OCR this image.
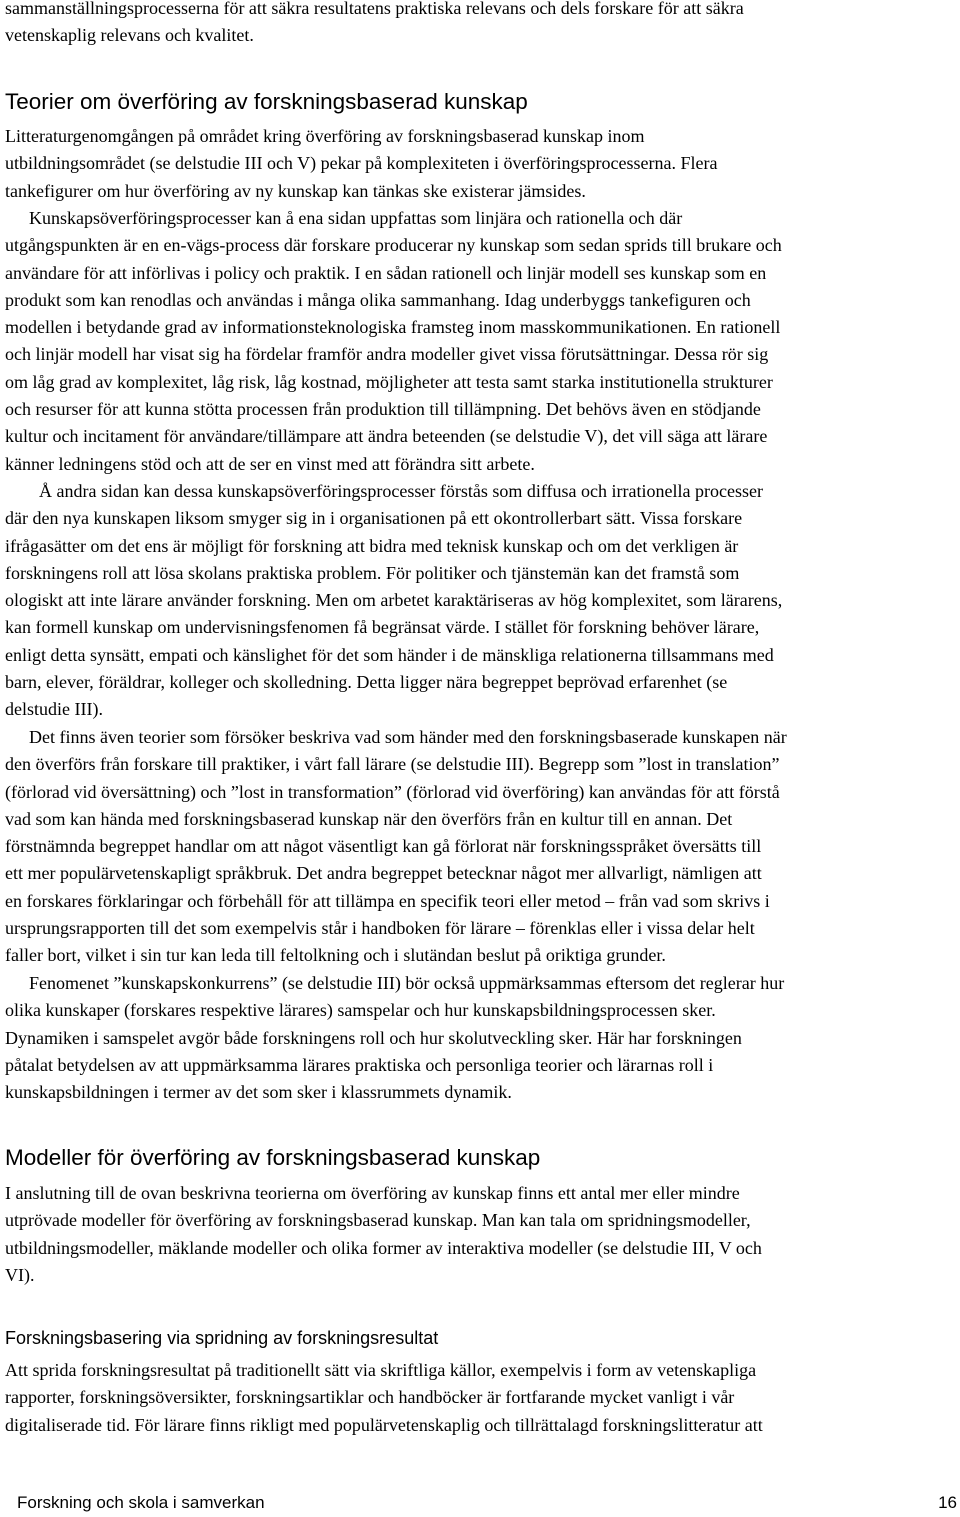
sammanställningsprocesserna för att säkra resultatens praktiska relevans och dels forskare för att säkra
vetenskaplig relevans och kvalitet.
Teorier om överföring av forskningsbaserad kunskap
Litteraturgenomgången på området kring överföring av forskningsbaserad kunskap inom
utbildningsområdet (se delstudie III och V) pekar på komplexiteten i överföringsprocesserna. Flera
tankefigurer om hur överföring av ny kunskap kan tänkas ske existerar jämsides.
Kunskapsöverföringsprocesser kan å ena sidan uppfattas som linjära och rationella och där
utgångspunkten är en en-vägs-process där forskare producerar ny kunskap som sedan sprids till brukare och
användare för att införlivas i policy och praktik. I en sådan rationell och linjär modell ses kunskap som en
produkt som kan renodlas och användas i många olika sammanhang. Idag underbyggs tankefiguren och
modellen i betydande grad av informationsteknologiska framsteg inom masskommunikationen. En rationell
och linjär modell har visat sig ha fördelar framför andra modeller givet vissa förutsättningar. Dessa rör sig
om låg grad av komplexitet, låg risk, låg kostnad, möjligheter att testa samt starka institutionella strukturer
och resurser för att kunna stötta processen från produktion till tillämpning. Det behövs även en stödjande
kultur och incitament för användare/tillämpare att ändra beteenden (se delstudie V), det vill säga att lärare
känner ledningens stöd och att de ser en vinst med att förändra sitt arbete.
Å andra sidan kan dessa kunskapsöverföringsprocesser förstås som diffusa och irrationella processer
där den nya kunskapen liksom smyger sig in i organisationen på ett okontrollerbart sätt. Vissa forskare
ifrågasätter om det ens är möjligt för forskning att bidra med teknisk kunskap och om det verkligen är
forskningens roll att lösa skolans praktiska problem. För politiker och tjänstemän kan det framstå som
ologiskt att inte lärare använder forskning. Men om arbetet karaktäriseras av hög komplexitet, som lärarens,
kan formell kunskap om undervisningsfenomen få begränsat värde. I stället för forskning behöver lärare,
enligt detta synsätt, empati och känslighet för det som händer i de mänskliga relationerna tillsammans med
barn, elever, föräldrar, kolleger och skolledning. Detta ligger nära begreppet beprövad erfarenhet (se
delstudie III).
Det finns även teorier som försöker beskriva vad som händer med den forskningsbaserade kunskapen när
den överförs från forskare till praktiker, i vårt fall lärare (se delstudie III). Begrepp som ”lost in translation”
(förlorad vid översättning) och ”lost in transformation” (förlorad vid överföring) kan användas för att förstå
vad som kan hända med forskningsbaserad kunskap när den överförs från en kultur till en annan. Det
förstnämnda begreppet handlar om att något väsentligt kan gå förlorat när forskningsspråket översätts till
ett mer populärvetenskapligt språkbruk. Det andra begreppet betecknar något mer allvarligt, nämligen att
en forskares förklaringar och förbehåll för att tillämpa en specifik teori eller metod – från vad som skrivs i
ursprungsrapporten till det som exempelvis står i handboken för lärare – förenklas eller i vissa delar helt
faller bort, vilket i sin tur kan leda till feltolkning och i slutändan beslut på oriktiga grunder.
Fenomenet ”kunskapskonkurrens” (se delstudie III) bör också uppmärksammas eftersom det reglerar hur
olika kunskaper (forskares respektive lärares) samspelar och hur kunskapsbildningsprocessen sker.
Dynamiken i samspelet avgör både forskningens roll och hur skolutveckling sker. Här har forskningen
påtalat betydelsen av att uppmärksamma lärares praktiska och personliga teorier och lärarnas roll i
kunskapsbildningen i termer av det som sker i klassrummets dynamik.
Modeller för överföring av forskningsbaserad kunskap
I anslutning till de ovan beskrivna teorierna om överföring av kunskap finns ett antal mer eller mindre
utprövade modeller för överföring av forskningsbaserad kunskap. Man kan tala om spridningsmodeller,
utbildningsmodeller, mäklande modeller och olika former av interaktiva modeller (se delstudie III, V och
VI).
Forskningsbasering via spridning av forskningsresultat
Att sprida forskningsresultat på traditionellt sätt via skriftliga källor, exempelvis i form av vetenskapliga
rapporter, forskningsöversikter, forskningsartiklar och handböcker är fortfarande mycket vanligt i vår
digitaliserade tid. För lärare finns rikligt med populärvetenskaplig och tillrättalagd forskningslitteratur att
Forskning och skola i samverkan	16
